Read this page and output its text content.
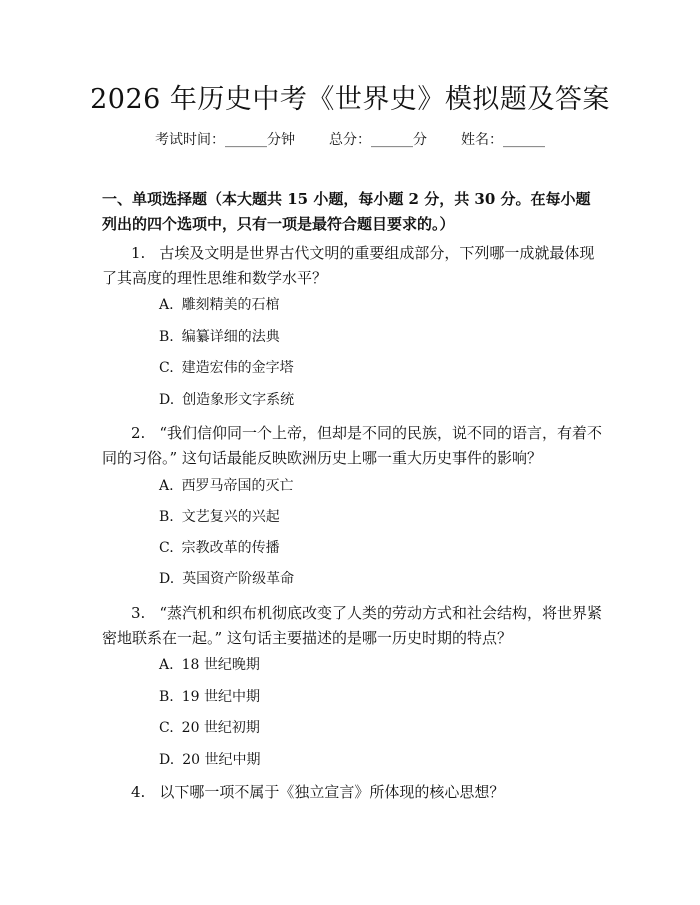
2026 年历史中考《世界史》模拟题及答案
考试时间：______分钟 总分：______分 姓名：______
一、单项选择题（本大题共 15 小题，每小题 2 分，共 30 分。在每小题列出的四个选项中，只有一项是最符合题目要求的。）
1. 古埃及文明是世界古代文明的重要组成部分，下列哪一成就最体现了其高度的理性思维和数学水平？
A. 雕刻精美的石棺
B. 编纂详细的法典
C. 建造宏伟的金字塔
D. 创造象形文字系统
2. “我们信仰同一个上帝，但却是不同的民族，说不同的语言，有着不同的习俗。” 这句话最能反映欧洲历史上哪一重大历史事件的影响？
A. 西罗马帝国的灭亡
B. 文艺复兴的兴起
C. 宗教改革的传播
D. 英国资产阶级革命
3. “蒸汽机和织布机彻底改变了人类的劳动方式和社会结构，将世界紧密地联系在一起。” 这句话主要描述的是哪一历史时期的特点？
A. 18 世纪晚期
B. 19 世纪中期
C. 20 世纪初期
D. 20 世纪中期
4. 以下哪一项不属于《独立宣言》所体现的核心思想？
